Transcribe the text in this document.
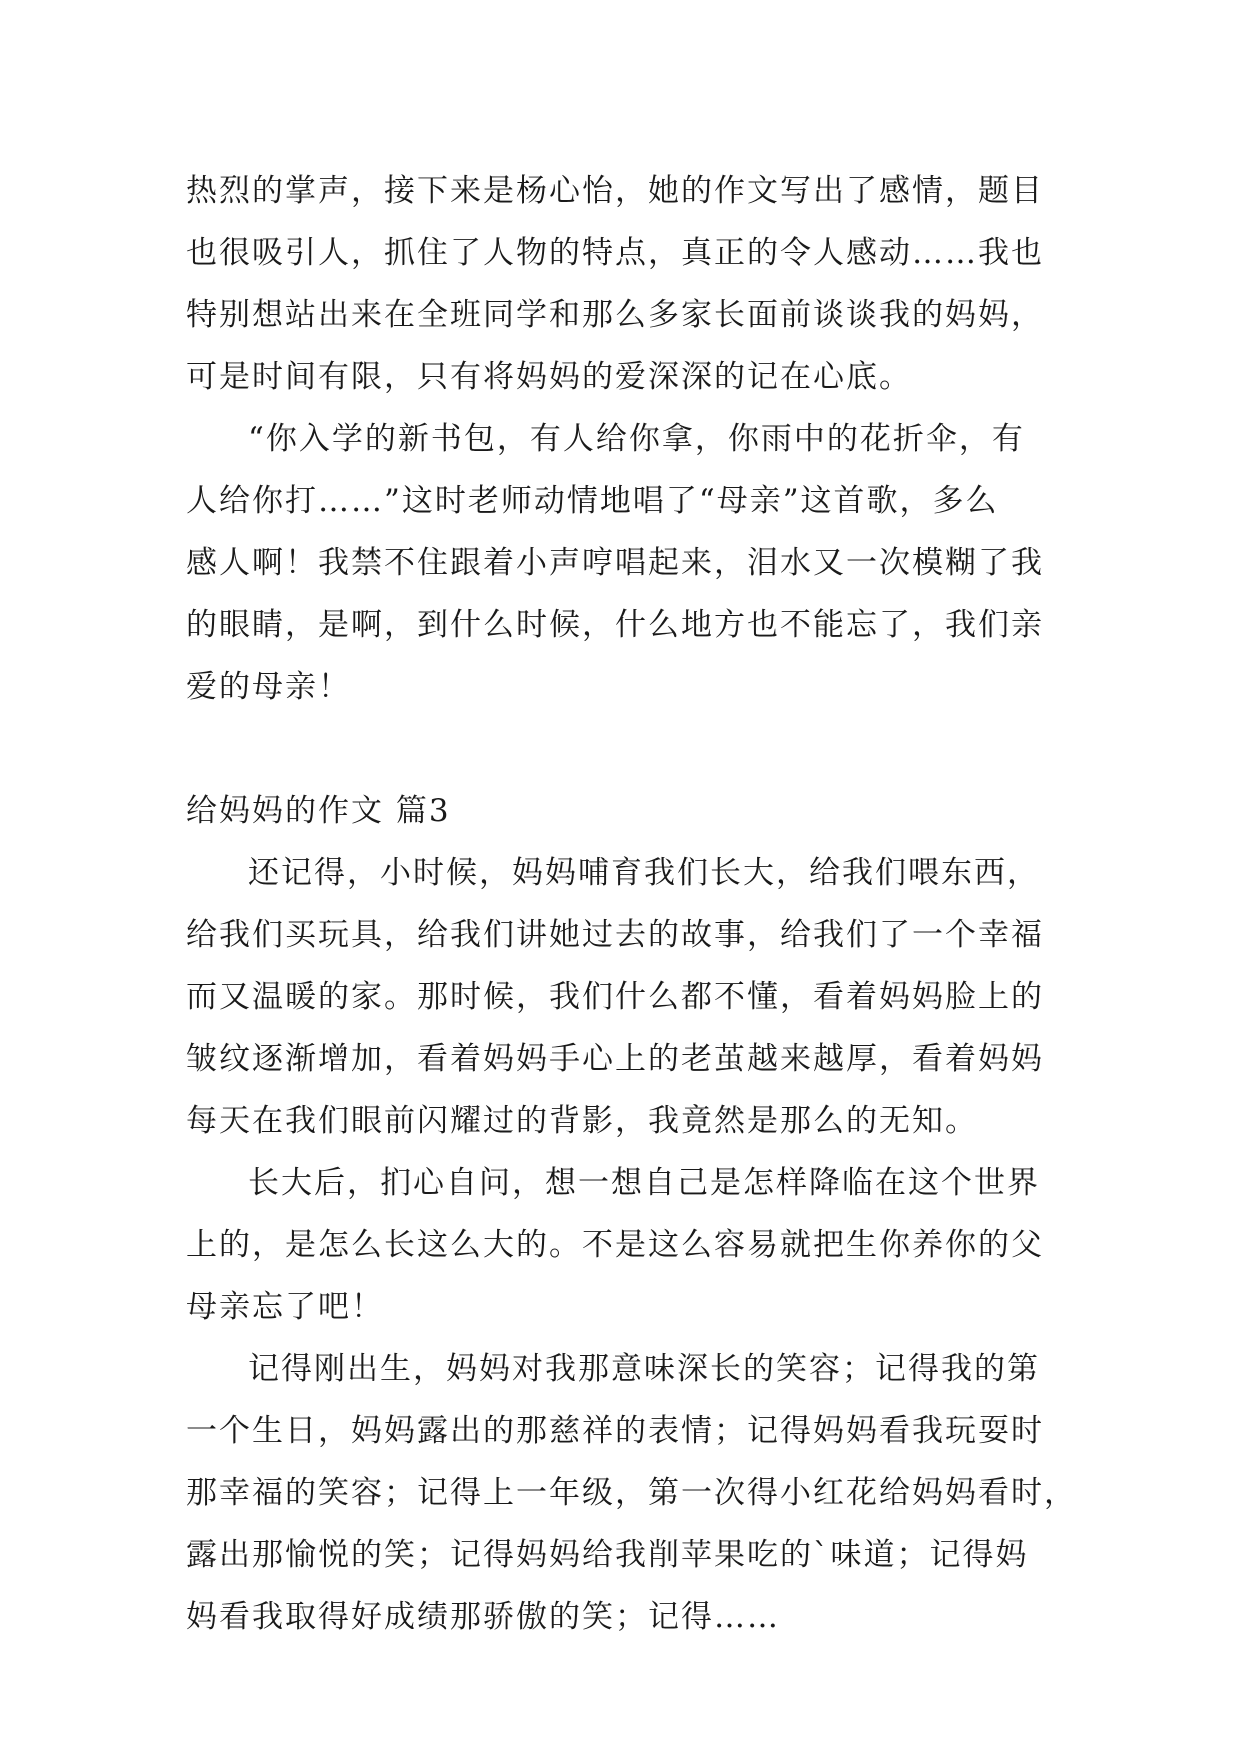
热烈的掌声，接下来是杨心怡，她的作文写出了感情，题目
也很吸引人，抓住了人物的特点，真正的令人感动……我也
特别想站出来在全班同学和那么多家长面前谈谈我的妈妈，
可是时间有限，只有将妈妈的爱深深的记在心底。
“你入学的新书包，有人给你拿，你雨中的花折伞，有
人给你打……”这时老师动情地唱了“母亲”这首歌，多么
感人啊！我禁不住跟着小声哼唱起来，泪水又一次模糊了我
的眼睛，是啊，到什么时候，什么地方也不能忘了，我们亲
爱的母亲！
给妈妈的作文 篇3
还记得，小时候，妈妈哺育我们长大，给我们喂东西，
给我们买玩具，给我们讲她过去的故事，给我们了一个幸福
而又温暖的家。那时候，我们什么都不懂，看着妈妈脸上的
皱纹逐渐增加，看着妈妈手心上的老茧越来越厚，看着妈妈
每天在我们眼前闪耀过的背影，我竟然是那么的无知。
长大后，扪心自问，想一想自己是怎样降临在这个世界
上的，是怎么长这么大的。不是这么容易就把生你养你的父
母亲忘了吧！
记得刚出生，妈妈对我那意味深长的笑容；记得我的第
一个生日，妈妈露出的那慈祥的表情；记得妈妈看我玩耍时
那幸福的笑容；记得上一年级，第一次得小红花给妈妈看时，
露出那愉悦的笑；记得妈妈给我削苹果吃的`味道；记得妈
妈看我取得好成绩那骄傲的笑；记得……
